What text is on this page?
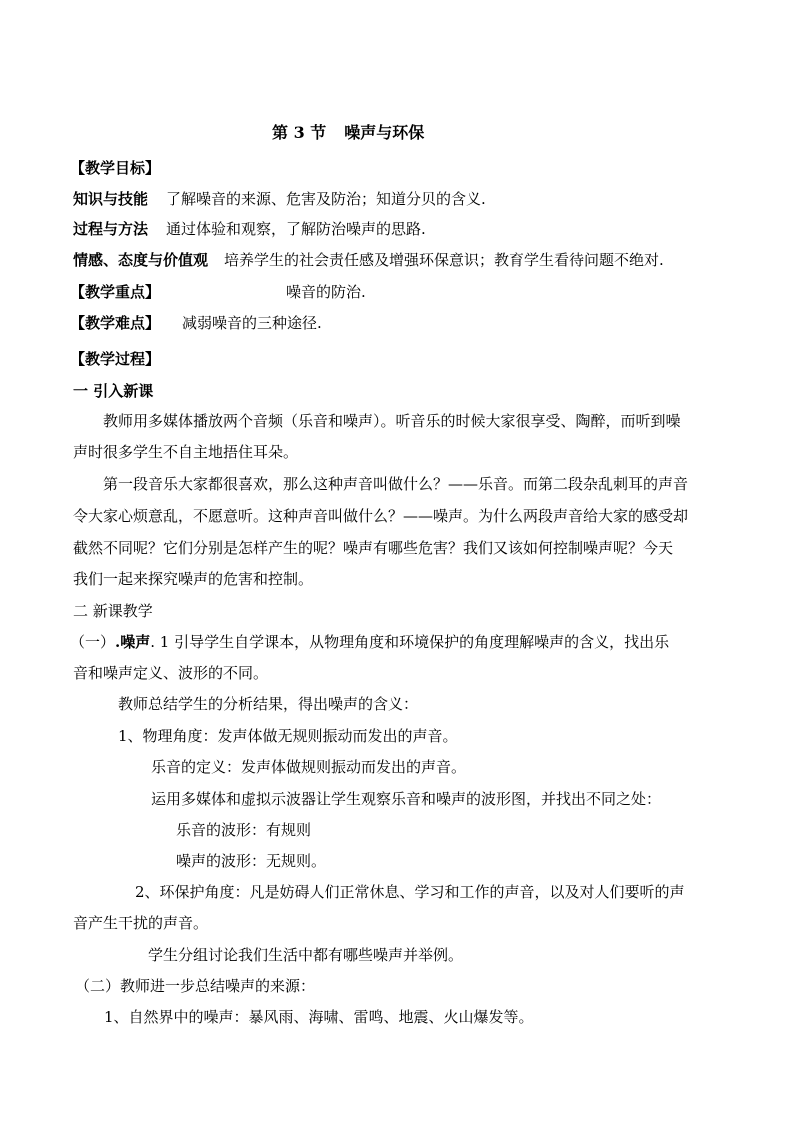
第 3 节 噪声与环保
【教学目标】
知识与技能 了解噪音的来源、危害及防治；知道分贝的含义.
过程与方法 通过体验和观察，了解防治噪声的思路.
情感、态度与价值观 培养学生的社会责任感及增强环保意识；教育学生看待问题不绝对.
【教学重点】	噪音的防治.
【教学难点】 减弱噪音的三种途径.
【教学过程】
一 引入新课
教师用多媒体播放两个音频（乐音和噪声）。听音乐的时候大家很享受、陶醉，而听到噪
声时很多学生不自主地捂住耳朵。
第一段音乐大家都很喜欢，那么这种声音叫做什么？——乐音。而第二段杂乱刺耳的声音
令大家心烦意乱，不愿意听。这种声音叫做什么？——噪声。为什么两段声音给大家的感受却
截然不同呢？它们分别是怎样产生的呢？噪声有哪些危害？我们又该如何控制噪声呢？今天
我们一起来探究噪声的危害和控制。
二 新课教学
（一）.噪声. 1 引导学生自学课本，从物理角度和环境保护的角度理解噪声的含义，找出乐
音和噪声定义、波形的不同。
教师总结学生的分析结果，得出噪声的含义：
1、物理角度：发声体做无规则振动而发出的声音。
乐音的定义：发声体做规则振动而发出的声音。
运用多媒体和虚拟示波器让学生观察乐音和噪声的波形图，并找出不同之处：
乐音的波形：有规则
噪声的波形：无规则。
2、环保护角度：凡是妨碍人们正常休息、学习和工作的声音，以及对人们要听的声
音产生干扰的声音。
学生分组讨论我们生活中都有哪些噪声并举例。
（二）教师进一步总结噪声的来源：
1、自然界中的噪声：暴风雨、海啸、雷鸣、地震、火山爆发等。
